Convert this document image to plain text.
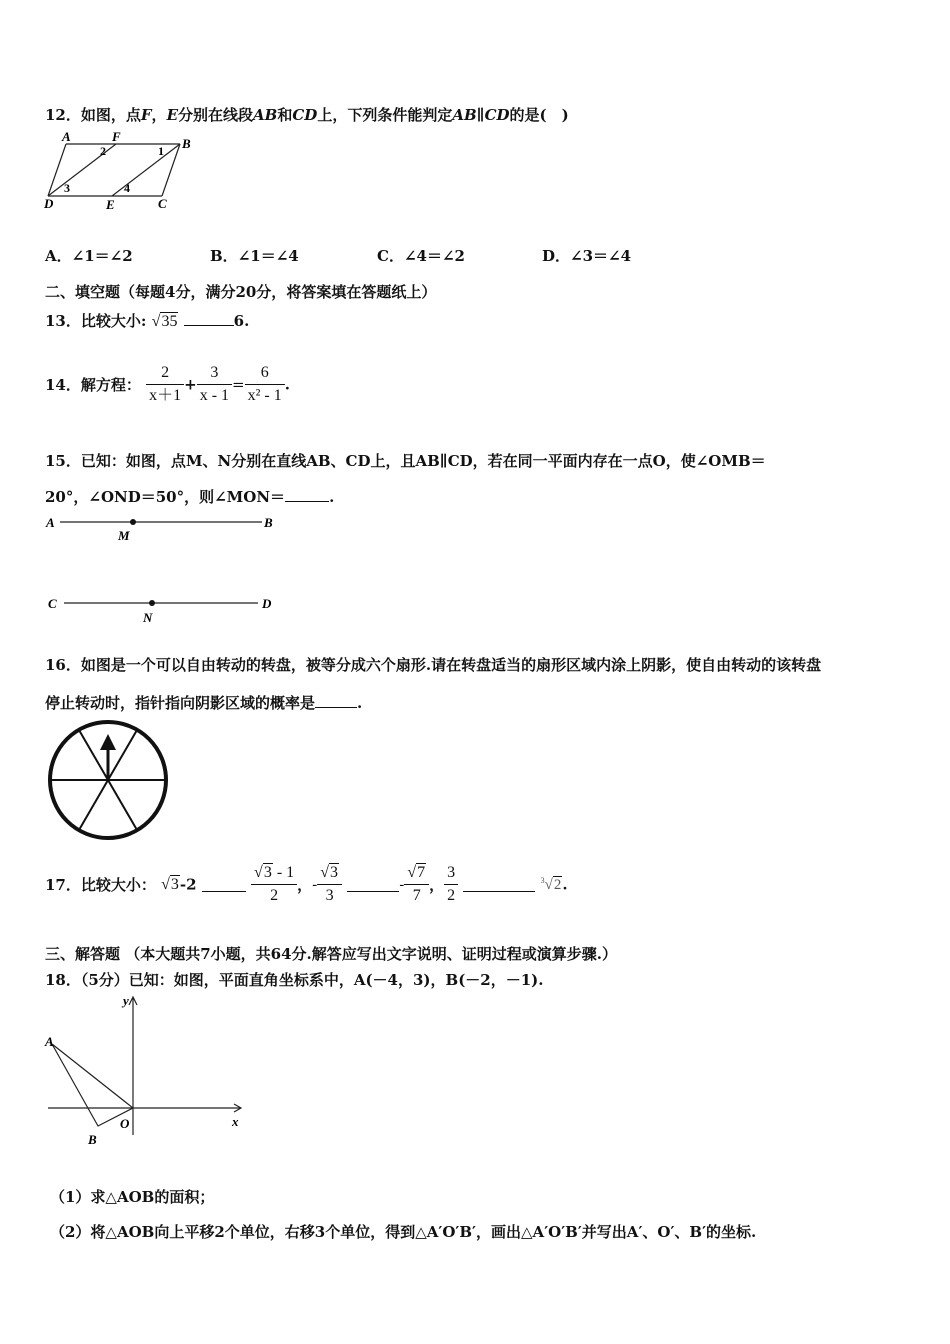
12．如图，点F，E分别在线段AB和CD上，下列条件能判定AB∥CD的是(　)
A	F	B
D	E	C
2	1
3	4
A．∠1＝∠2	B．∠1＝∠4	C．∠4＝∠2	D．∠3＝∠4
二、填空题（每题4分，满分20分，将答案填在答题纸上）
13．比较大小: √35	6.
14．解方程： $\frac{2}{x+1} + \frac{3}{x - 1} = \frac{6}{\text{x² - 1}}$ .
15．已知：如图，点M、N分别在直线AB、CD上，且AB∥CD，若在同一平面内存在一点O，使∠OMB＝
20°，∠OND＝50°，则∠MON＝	.
A
M
B
C
N
D
16．如图是一个可以自由转动的转盘，被等分成六个扇形.请在转盘适当的扇形区域内涂上阴影，使自由转动的该转盘
停止转动时，指针指向阴影区域的概率是	.
17．比较大小： √3-2	$\frac{√3 - 1}{2}$ ，- $\frac{√3}{3}$	- $\frac{√7}{7}$ ， $\frac{3}{2}$	$^3$√2.
三、解答题 （本大题共7小题，共64分.解答应写出文字说明、证明过程或演算步骤.）
18．（5分）已知：如图，平面直角坐标系中，A(－4，3)，B(－2，－1).
y
x
A
B
O
（1）求△AOB的面积；
（2）将△AOB向上平移2个单位，右移3个单位，得到△A′O′B′，画出△A′O′B′并写出A′、O′、B′的坐标.
